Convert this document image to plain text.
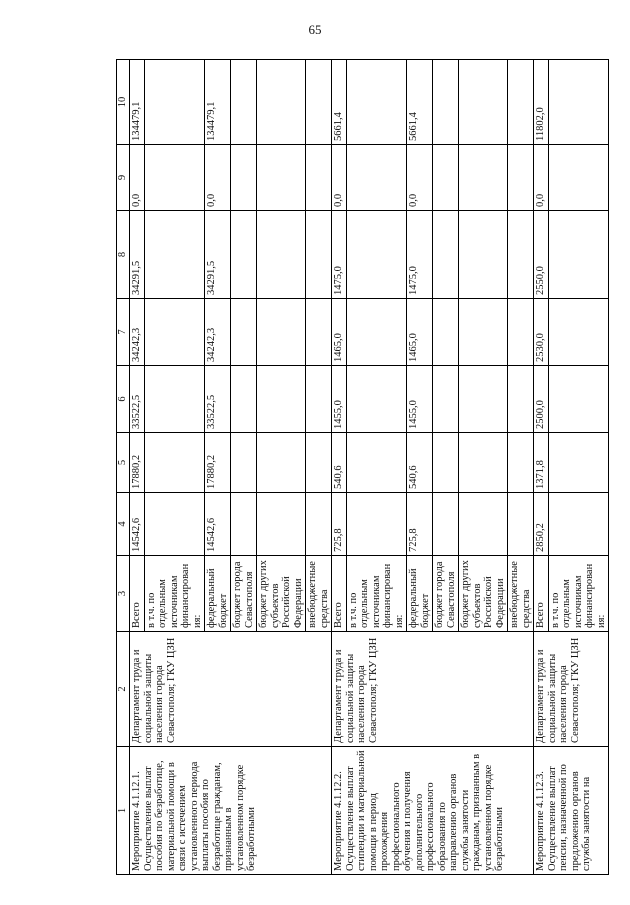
65
1	2	3	4	5	6	7	8	9	10
Мероприятие 4.1.12.1. Осуществление выплат пособия по безработице, материальной помощи в связи с истечением установленного периода выплаты пособия по безработице гражданам, признанным в установленном порядке безработными	Департамент труда и социальной защиты населения города Севастополя; ГКУ ЦЗН	Всего	14542,6	17880,2	33522,5	34242,3	34291,5	0,0	134479,1
		в т.ч. по отдельным источникам финансирования:							
		федеральный бюджет	14542,6	17880,2	33522,5	34242,3	34291,5	0,0	134479,1
		бюджет города Севастополя							
		бюджет других субъектов Российской Федерации							
		внебюджетные средства							
Мероприятие 4.1.12.2. Осуществление выплат стипендии и материальной помощи в период прохождения профессионального обучения и получения дополнительного профессионального образования по направлению органов службы занятости гражданам, признанным в установленном порядке безработными	Департамент труда и социальной защиты населения города Севастополя; ГКУ ЦЗН	Всего	725,8	540,6	1455,0	1465,0	1475,0	0,0	5661,4
		в т.ч. по отдельным источникам финансирования:							
		федеральный бюджет	725,8	540,6	1455,0	1465,0	1475,0	0,0	5661,4
		бюджет города Севастополя							
		бюджет других субъектов Российской Федерации							
		внебюджетные средства							
Мероприятие 4.1.12.3. Осуществление выплат пенсии, назначенной по предложению органов службы занятости на	Департамент труда и социальной защиты населения города Севастополя; ГКУ ЦЗН	Всего	2850,2	1371,8	2500,0	2530,0	2550,0	0,0	11802,0
		в т.ч. по отдельным источникам финансирования:							
